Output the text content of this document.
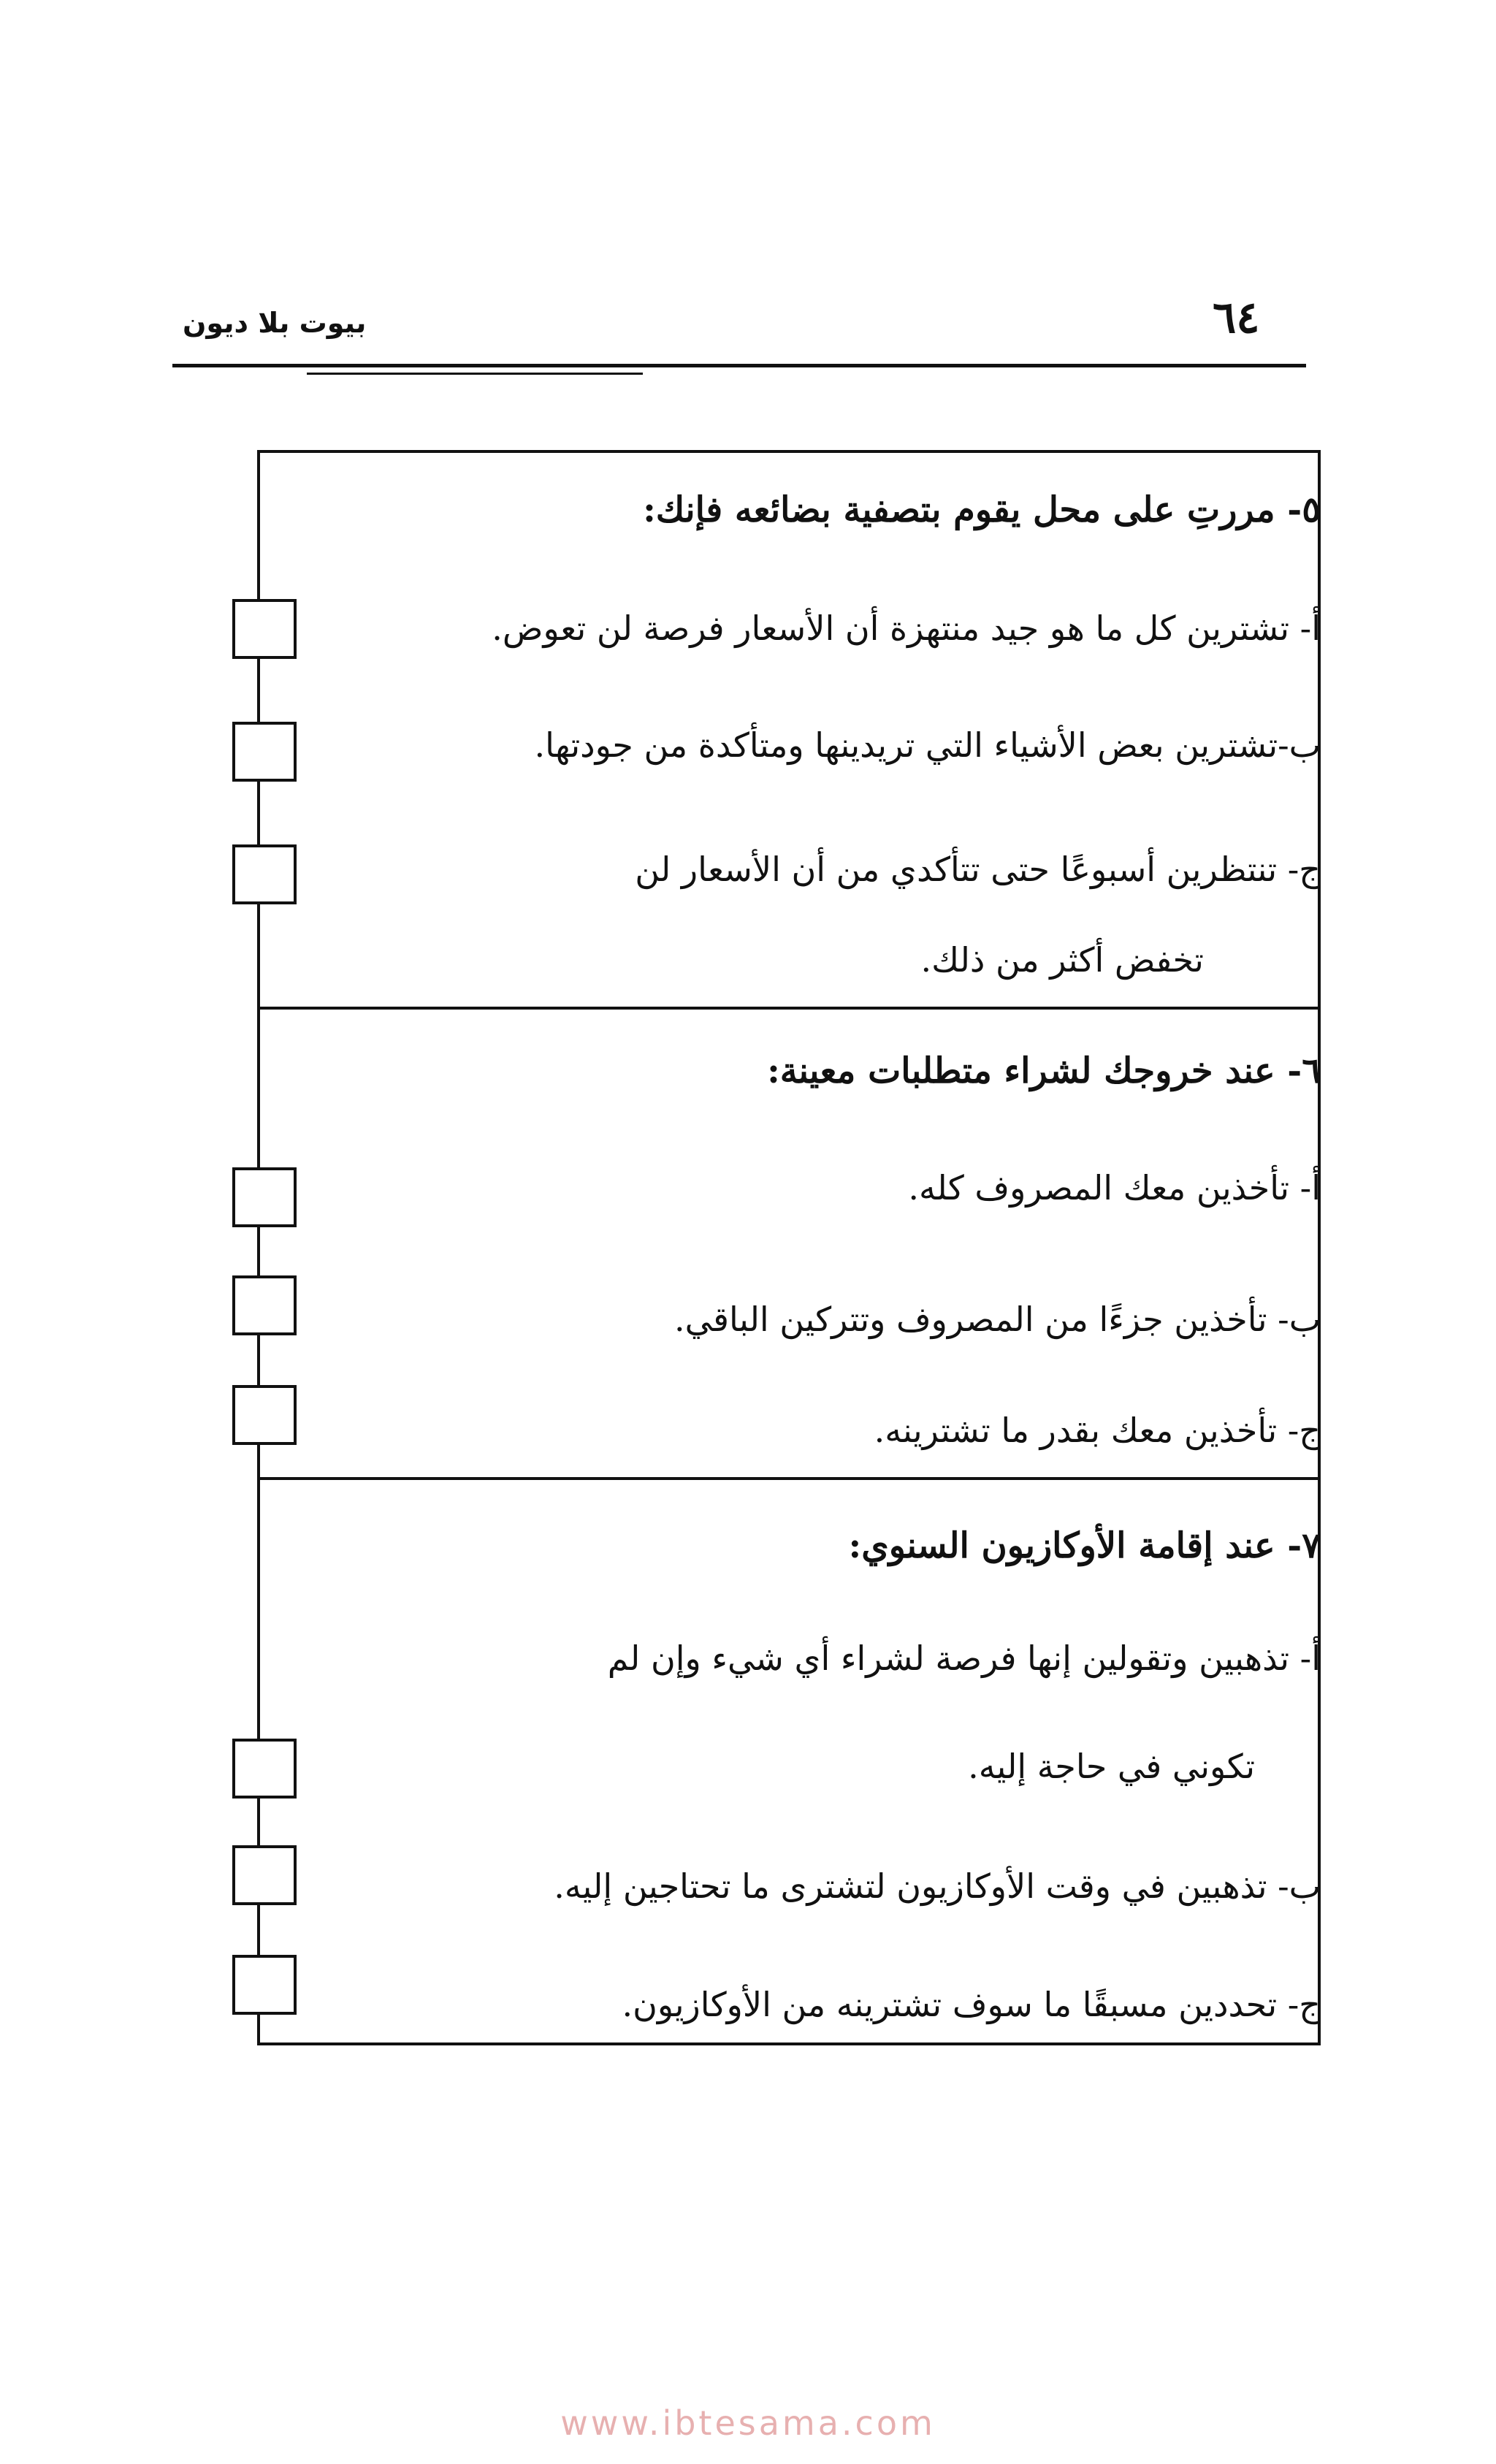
بيوت بلا ديون	٦٤
٥- مررتِ على محل يقوم بتصفية بضائعه فإنك:
أ- تشترين كل ما هو جيد منتهزة أن الأسعار فرصة لن تعوض.
ب-تشترين بعض الأشياء التي تريدينها ومتأكدة من جودتها.
ج- تنتظرين أسبوعًا حتى تتأكدي من أن الأسعار لن
تخفض أكثر من ذلك.
٦- عند خروجك لشراء متطلبات معينة:
أ- تأخذين معك المصروف كله.
ب- تأخذين جزءًا من المصروف وتتركين الباقي.
ج- تأخذين معك بقدر ما تشترينه.
٧- عند إقامة الأوكازيون السنوي:
أ- تذهبين وتقولين إنها فرصة لشراء أي شيء وإن لم
تكوني في حاجة إليه.
ب- تذهبين في وقت الأوكازيون لتشترى ما تحتاجين إليه.
ج- تحددين مسبقًا ما سوف تشترينه من الأوكازيون.
www.ibtesama.com
